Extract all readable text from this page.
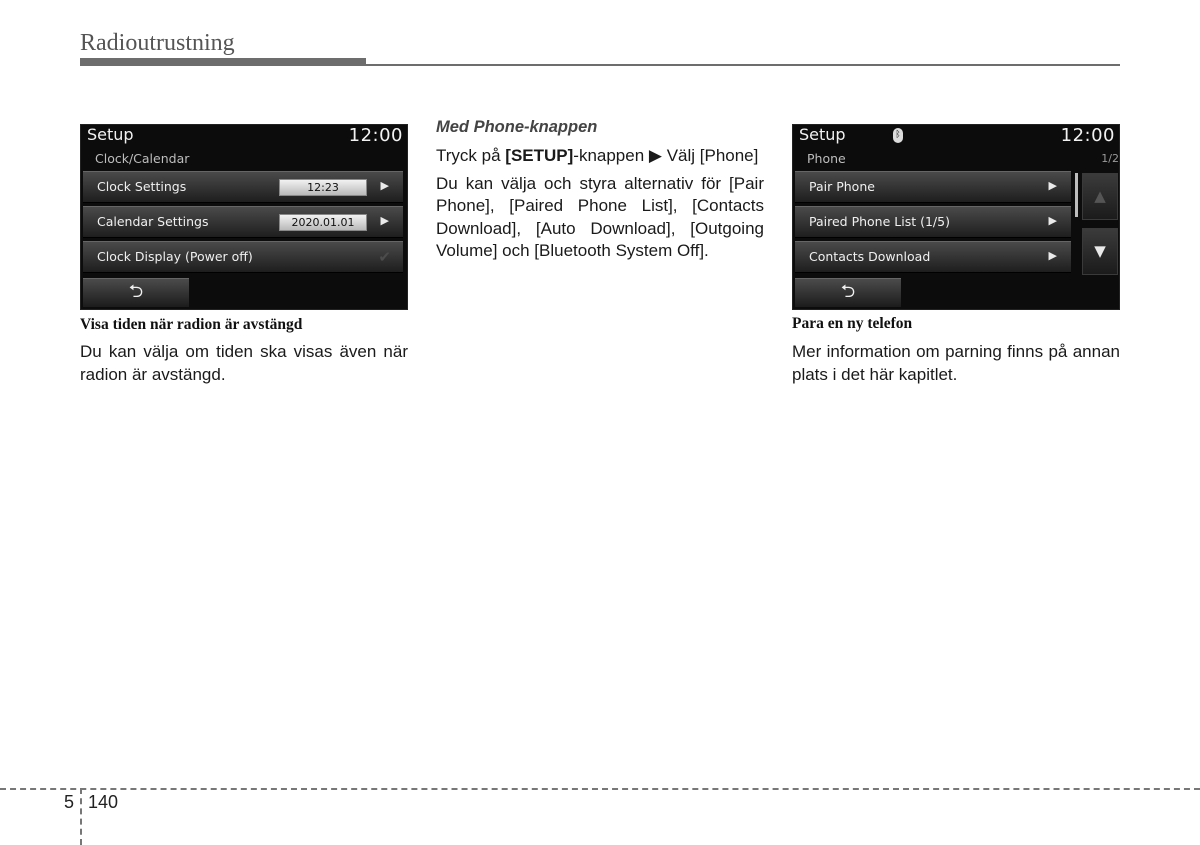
Radioutrustning
Setup	12:00
Clock/Calendar
Clock Settings	12:23	▶
Calendar Settings	2020.01.01	▶
Clock Display (Power off)	✔
⮌
Visa tiden när radion är avstängd
Du kan välja om tiden ska visas även när radion är avstängd.
Med Phone-knappen

Tryck på [SETUP]-knappen ▶ Välj [Phone]

Du kan välja och styra alternativ för [Pair Phone], [Paired Phone List], [Contacts Download], [Auto Download], [Outgoing Volume] och [Bluetooth System Off].

Setup	ᛒ	12:00
Phone	1/2
Pair Phone	▶
Paired Phone List (1/5)	▶
Contacts Download	▶
▲
▼
⮌
Para en ny telefon
Mer information om parning finns på annan plats i det här kapitlet.
5 140
